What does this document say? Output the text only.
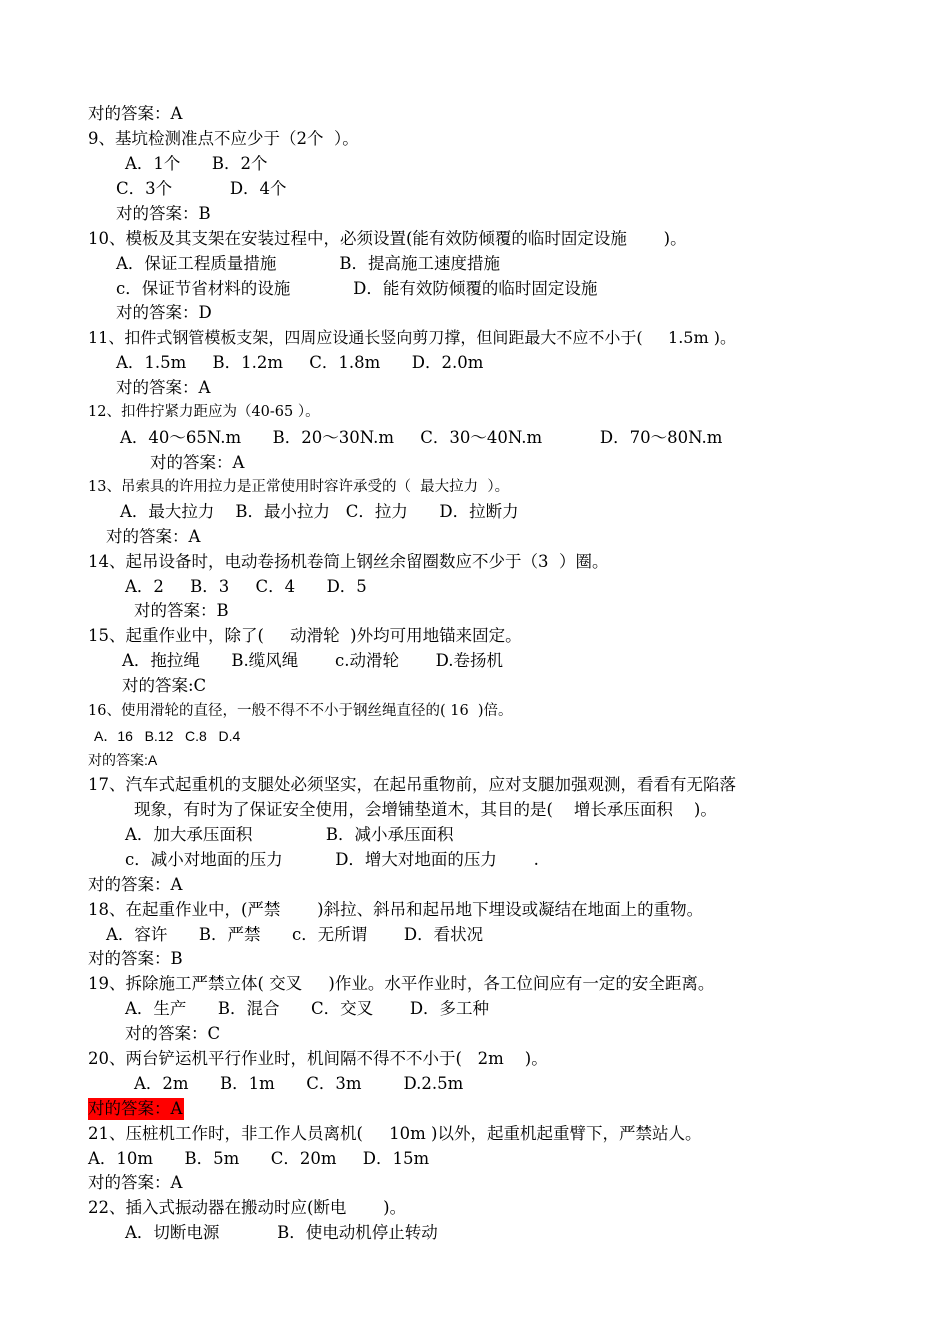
对的答案：A
9、基坑检测准点不应少于（2个  ）。
A．1个      B．2个
C．3个           D．4个
对的答案：B
10、模板及其支架在安装过程中，必须设置(能有效防倾覆的临时固定设施       )。
A．保证工程质量措施            B．提高施工速度措施
c．保证节省材料的设施            D．能有效防倾覆的临时固定设施
对的答案：D
11、扣件式钢管模板支架，四周应设通长竖向剪刀撑，但间距最大不应不小于(     1.5m )。
A．1.5m     B．1.2m     C．1.8m      D．2.0m
对的答案：A
12、扣件拧紧力距应为（40-65 ）。
A．40～65N.m      B．20～30N.m     C．30～40N.m           D．70～80N.m
对的答案：A
13、吊索具的许用拉力是正常使用时容许承受的（  最大拉力  ）。
A．最大拉力    B．最小拉力   C．拉力      D．拉断力
对的答案：A
14、起吊设备时，电动卷扬机卷筒上钢丝余留圈数应不少于（3  ）圈。
A．2     B．3     C．4      D．5
对的答案：B
15、起重作业中，除了(     动滑轮  )外均可用地锚来固定。
A．拖拉绳      B.缆风绳       c.动滑轮       D.卷扬机
对的答案:C
16、使用滑轮的直径，一般不得不不小于钢丝绳直径的( 16  )倍。
A．16   B.12   C.8   D.4
对的答案:A
17、汽车式起重机的支腿处必须坚实，在起吊重物前，应对支腿加强观测，看看有无陷落
现象，有时为了保证安全使用，会增铺垫道木，其目的是(    增长承压面积    )。
A．加大承压面积              B．减小承压面积
c．减小对地面的压力          D．增大对地面的压力       .
对的答案：A
18、在起重作业中，(严禁       )斜拉、斜吊和起吊地下埋设或凝结在地面上的重物。
A．容许      B．严禁      c．无所谓       D．看状况
对的答案：B
19、拆除施工严禁立体( 交叉     )作业。水平作业时，各工位间应有一定的安全距离。
A．生产      B．混合      C．交叉       D．多工种
对的答案：C
20、两台铲运机平行作业时，机间隔不得不不小于(   2m    )。
A．2m      B．1m      C．3m        D.2.5m
对的答案：A
21、压桩机工作时，非工作人员离机(     10m )以外，起重机起重臂下，严禁站人。
A．10m      B．5m      C．20m     D．15m
对的答案：A
22、插入式振动器在搬动时应(断电       )。
A．切断电源           B．使电动机停止转动
